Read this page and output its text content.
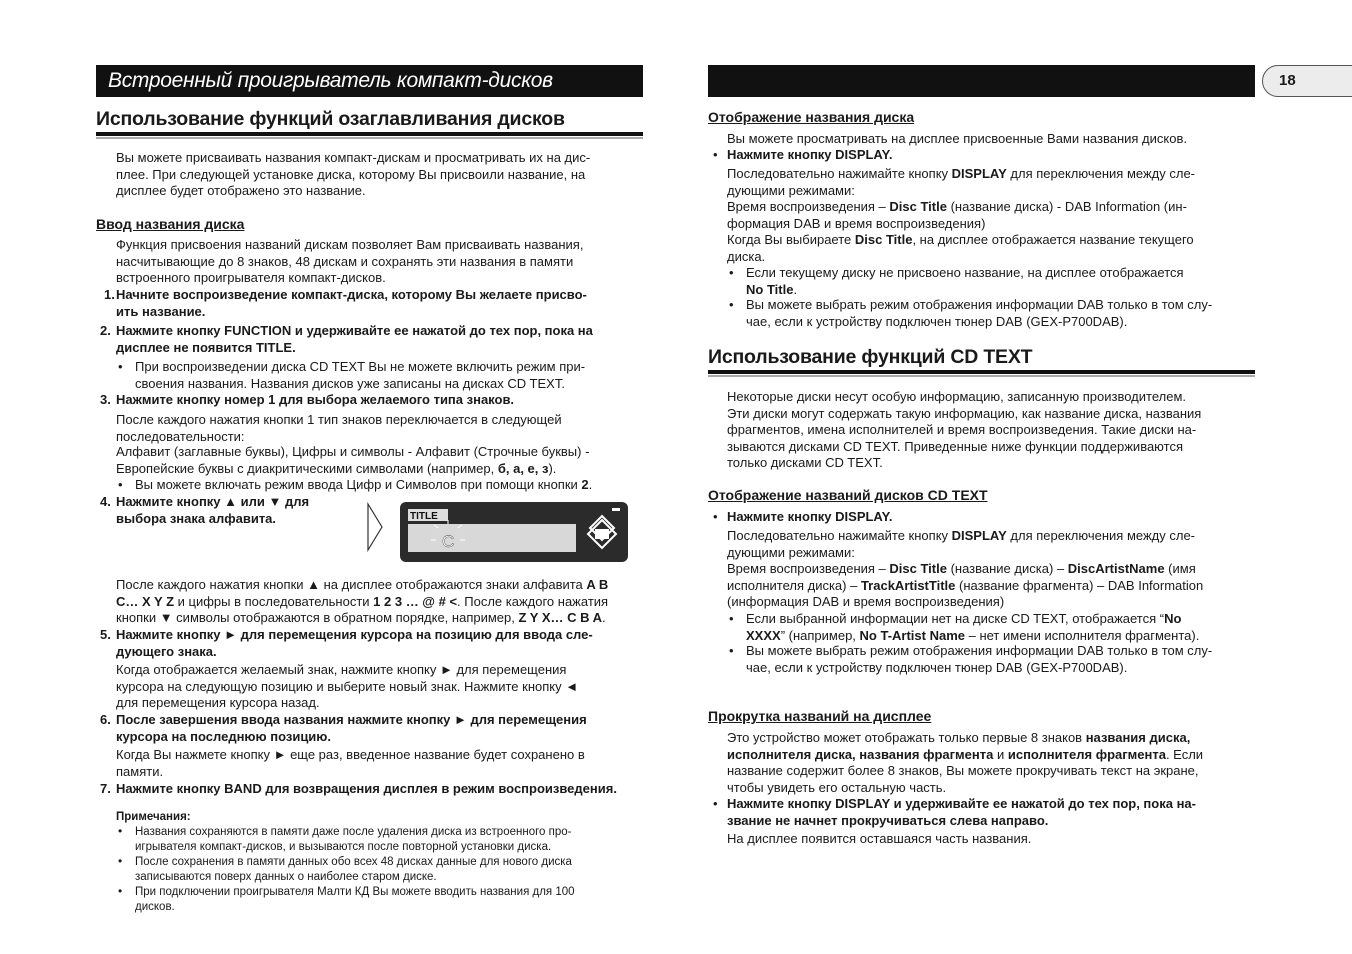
Встроенный проигрыватель компакт-дисков	18
Использование функций озаглавливания дисков
Вы можете присваивать названия компакт-дискам и просматривать их на дис-
плее. При следующей установке диска, которому Вы присвоили название, на
дисплее будет отображено это название.
Ввод названия диска
Функция присвоения названий дискам позволяет Вам присваивать названия,
насчитывающие до 8 знаков, 48 дискам и сохранять эти названия в памяти
встроенного проигрывателя компакт-дисков.
1. Начните воспроизведение компакт-диска, которому Вы желаете присво-
ить название.
2. Нажмите кнопку FUNCTION и удерживайте ее нажатой до тех пор, пока на
дисплее не появится TITLE.
• При воспроизведении диска CD TEXT Вы не можете включить режим при-
своения названия. Названия дисков уже записаны на дисках CD TEXT.
3. Нажмите кнопку номер 1 для выбора желаемого типа знаков.
После каждого нажатия кнопки 1 тип знаков переключается в следующей
последовательности:
Алфавит (заглавные буквы), Цифры и символы - Алфавит (Строчные буквы) -
Европейские буквы с диакритическими символами (например, б, а, е, з).
• Вы можете включать режим ввода Цифр и Символов при помощи кнопки 2.
4. Нажмите кнопку ▲ или ▼ для
выбора знака алфавита.	TITLE
C
После каждого нажатия кнопки ▲ на дисплее отображаются знаки алфавита A B
C… X Y Z и цифры в последовательности 1 2 3 … @ # <. После каждого нажатия
кнопки ▼ символы отображаются в обратном порядке, например, Z Y X… C B A.
5. Нажмите кнопку ► для перемещения курсора на позицию для ввода сле-
дующего знака.
Когда отображается желаемый знак, нажмите кнопку ► для перемещения
курсора на следующую позицию и выберите новый знак. Нажмите кнопку ◄
для перемещения курсора назад.
6. После завершения ввода названия нажмите кнопку ► для перемещения
курсора на последнюю позицию.
Когда Вы нажмете кнопку ► еще раз, введенное название будет сохранено в
памяти.
7. Нажмите кнопку BAND для возвращения дисплея в режим воспроизведения.
Примечания:
• Названия сохраняются в памяти даже после удаления диска из встроенного про-
игрывателя компакт-дисков, и вызываются после повторной установки диска.
• После сохранения в памяти данных обо всех 48 дисках данные для нового диска
записываются поверх данных о наиболее старом диске.
• При подключении проигрывателя Малти КД Вы можете вводить названия для 100
дисков.
Отображение названия диска
Вы можете просматривать на дисплее присвоенные Вами названия дисков.
• Нажмите кнопку DISPLAY.
Последовательно нажимайте кнопку DISPLAY для переключения между сле-
дующими режимами:
Время воспроизведения – Disc Title (название диска) - DAB Information (ин-
формация DAB и время воспроизведения)
Когда Вы выбираете Disc Title, на дисплее отображается название текущего
диска.
• Если текущему диску не присвоено название, на дисплее отображается
No Title.
• Вы можете выбрать режим отображения информации DAB только в том слу-
чае, если к устройству подключен тюнер DAB (GEX-P700DAB).
Использование функций CD TEXT
Некоторые диски несут особую информацию, записанную производителем.
Эти диски могут содержать такую информацию, как название диска, названия
фрагментов, имена исполнителей и время воспроизведения. Такие диски на-
зываются дисками CD TEXT. Приведенные ниже функции поддерживаются
только дисками CD TEXT.
Отображение названий дисков CD TEXT
• Нажмите кнопку DISPLAY.
Последовательно нажимайте кнопку DISPLAY для переключения между сле-
дующими режимами:
Время воспроизведения – Disc Title (название диска) – DiscArtistName (имя
исполнителя диска) – TrackArtistTitle (название фрагмента) – DAB Information
(информация DAB и время воспроизведения)
• Если выбранной информации нет на диске CD TEXT, отображается “No
XXXX” (например, No T-Artist Name – нет имени исполнителя фрагмента).
• Вы можете выбрать режим отображения информации DAB только в том слу-
чае, если к устройству подключен тюнер DAB (GEX-P700DAB).
Прокрутка названий на дисплее
Это устройство может отображать только первые 8 знаков названия диска,
исполнителя диска, названия фрагмента и исполнителя фрагмента. Если
название содержит более 8 знаков, Вы можете прокручивать текст на экране,
чтобы увидеть его остальную часть.
• Нажмите кнопку DISPLAY и удерживайте ее нажатой до тех пор, пока на-
звание не начнет прокручиваться слева направо.
На дисплее появится оставшаяся часть названия.
